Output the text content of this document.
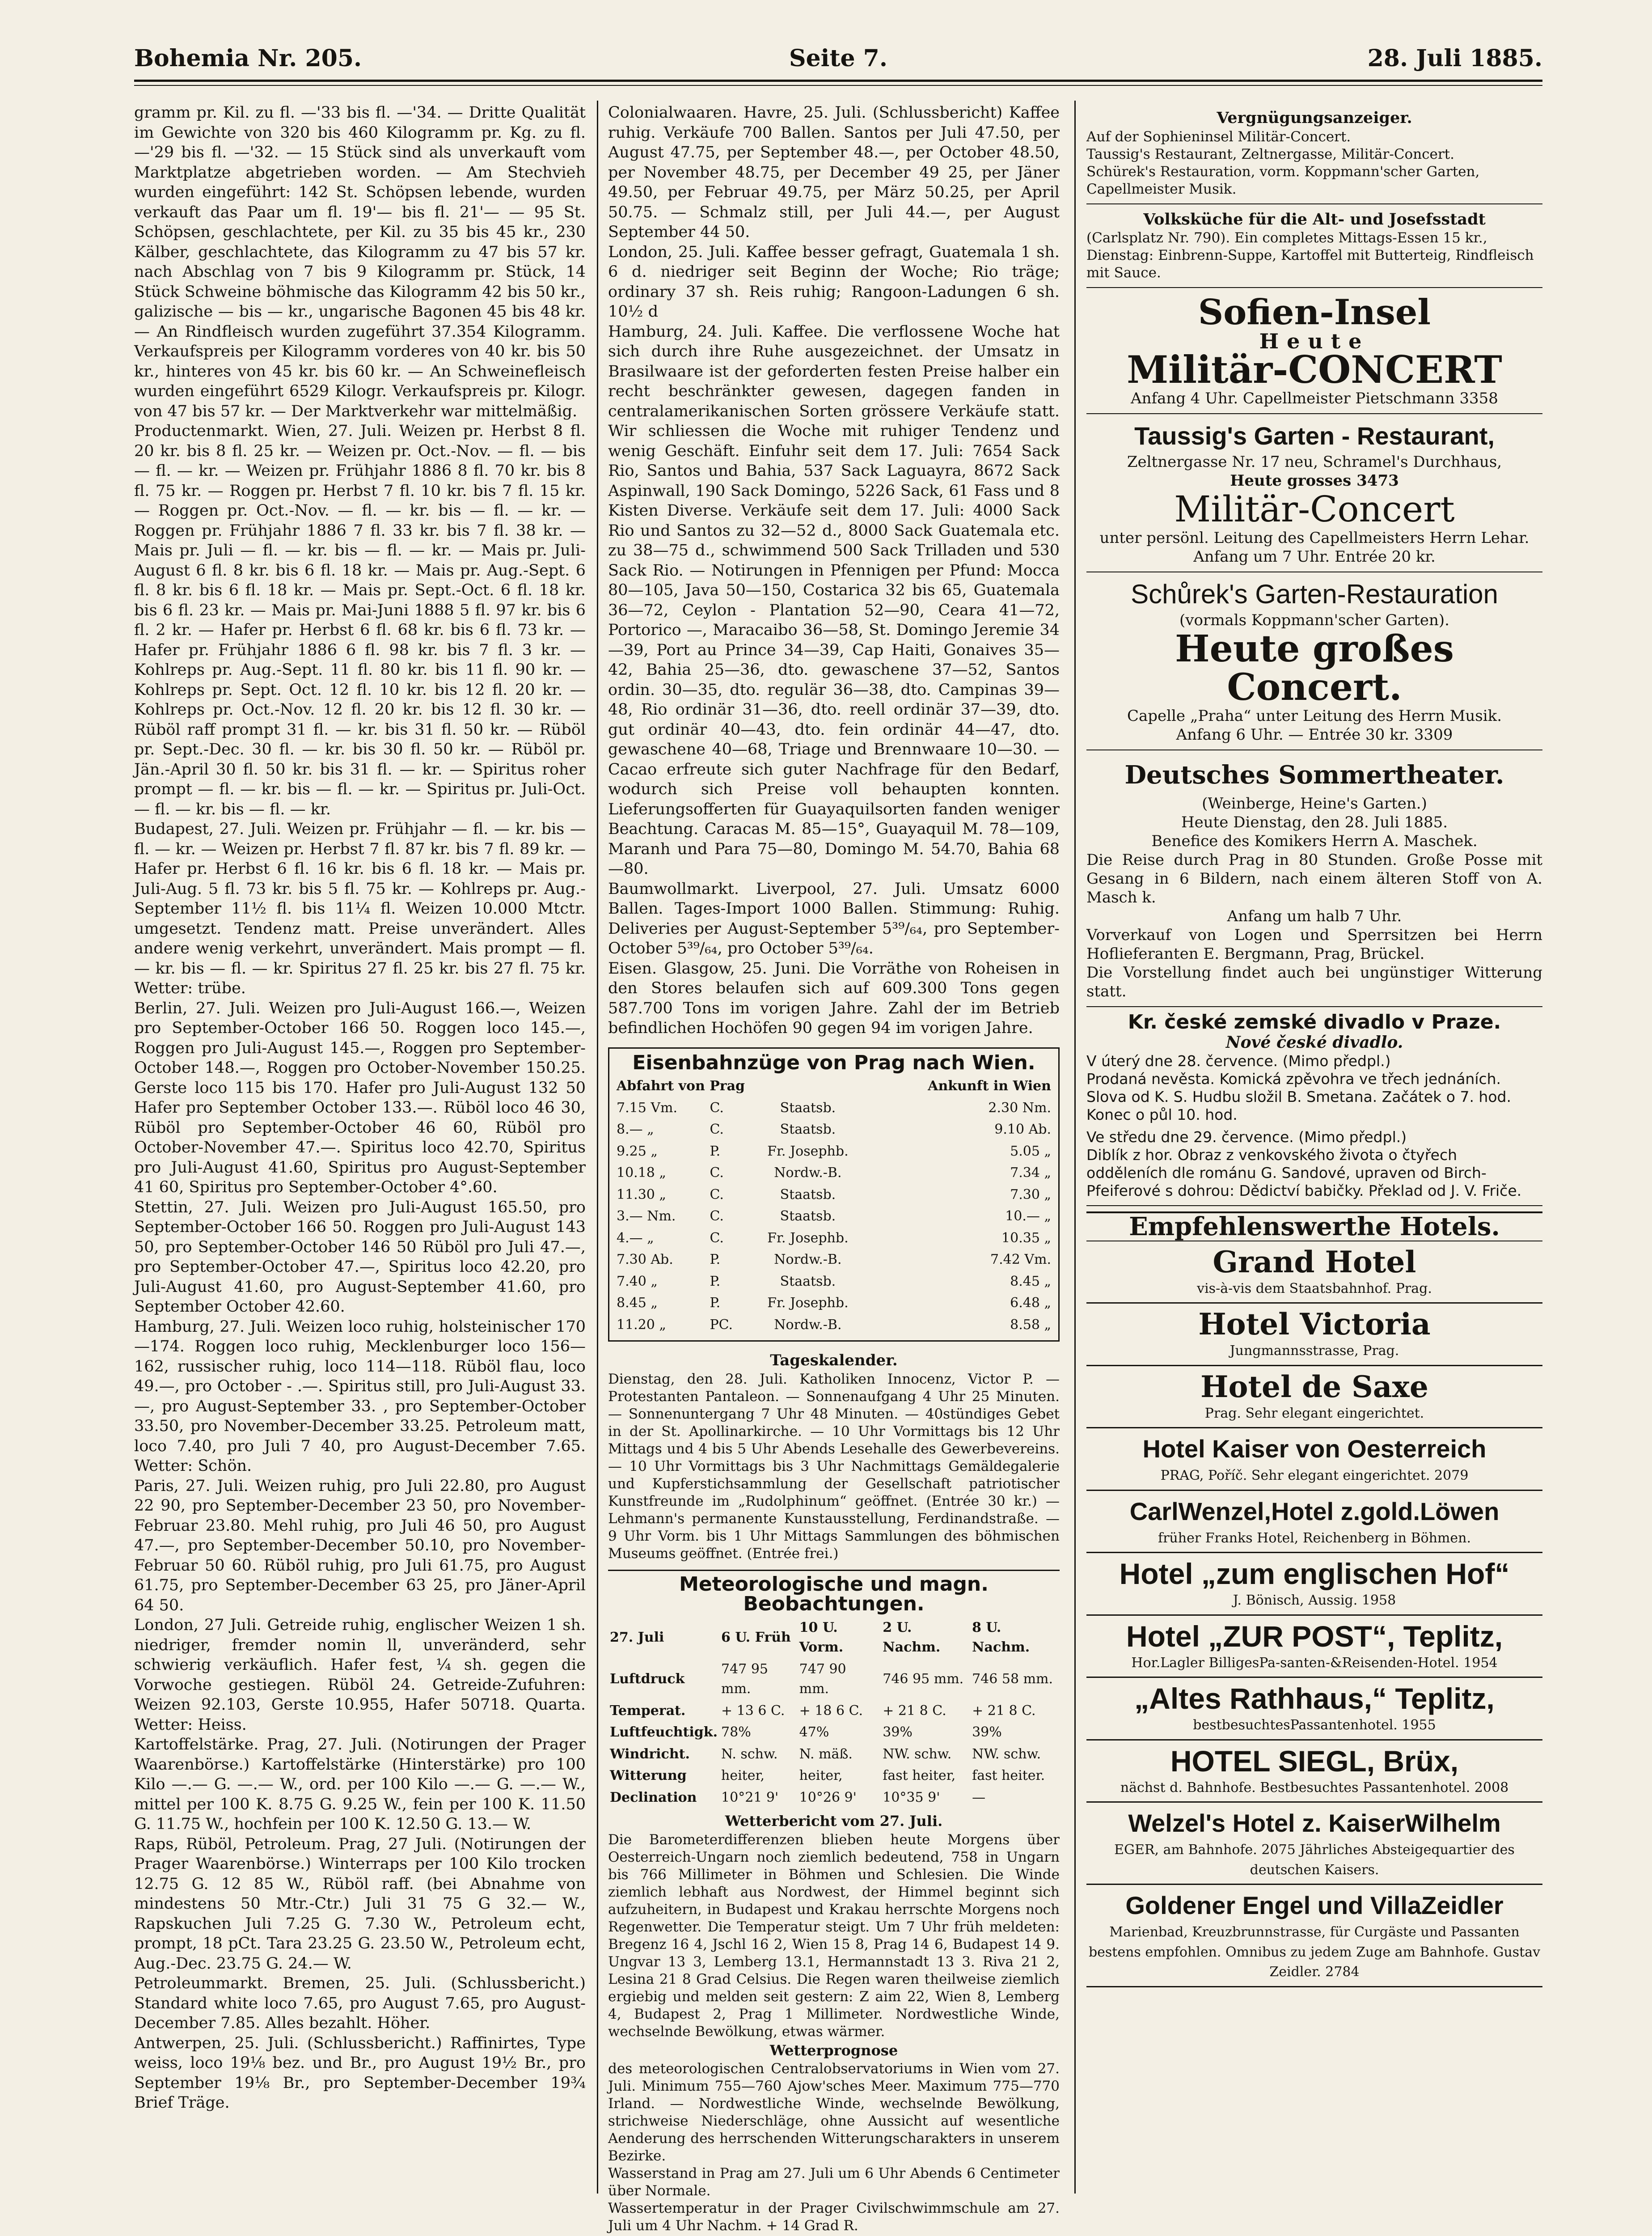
Bohemia Nr. 205.	Seite 7.	28. Juli 1885.

gramm pr. Kil. zu fl. —'33 bis fl. —'34. — Dritte Qualität im Gewichte von 320 bis 460 Kilogramm pr. Kg. zu fl. —'29 bis fl. —'32. — 15 Stück sind als unverkauft vom Marktplatze abgetrieben worden. — Am Stechvieh wurden eingeführt: 142 St. Schöpsen lebende, wurden verkauft das Paar um fl. 19'— bis fl. 21'— — 95 St. Schöpsen, geschlachtete, per Kil. zu 35 bis 45 kr., 230 Kälber, geschlachtete, das Kilogramm zu 47 bis 57 kr. nach Abschlag von 7 bis 9 Kilogramm pr. Stück, 14 Stück Schweine böhmische das Kilogramm 42 bis 50 kr., galizische — bis — kr., ungarische Bagonen 45 bis 48 kr. — An Rindfleisch wurden zugeführt 37.354 Kilogramm. Verkaufspreis per Kilogramm vorderes von 40 kr. bis 50 kr., hinteres von 45 kr. bis 60 kr. — An Schweinefleisch wurden eingeführt 6529 Kilogr. Verkaufspreis pr. Kilogr. von 47 bis 57 kr. — Der Marktverkehr war mittelmäßig.

Productenmarkt. Wien, 27. Juli. Weizen pr. Herbst 8 fl. 20 kr. bis 8 fl. 25 kr. — Weizen pr. Oct.-Nov. — fl. — bis — fl. — kr. — Weizen pr. Frühjahr 1886 8 fl. 70 kr. bis 8 fl. 75 kr. — Roggen pr. Herbst 7 fl. 10 kr. bis 7 fl. 15 kr. — Roggen pr. Oct.-Nov. — fl. — kr. bis — fl. — kr. — Roggen pr. Frühjahr 1886 7 fl. 33 kr. bis 7 fl. 38 kr. — Mais pr. Juli — fl. — kr. bis — fl. — kr. — Mais pr. Juli-August 6 fl. 8 kr. bis 6 fl. 18 kr. — Mais pr. Aug.-Sept. 6 fl. 8 kr. bis 6 fl. 18 kr. — Mais pr. Sept.-Oct. 6 fl. 18 kr. bis 6 fl. 23 kr. — Mais pr. Mai-Juni 1888 5 fl. 97 kr. bis 6 fl. 2 kr. — Hafer pr. Herbst 6 fl. 68 kr. bis 6 fl. 73 kr. — Hafer pr. Frühjahr 1886 6 fl. 98 kr. bis 7 fl. 3 kr. — Kohlreps pr. Aug.-Sept. 11 fl. 80 kr. bis 11 fl. 90 kr. — Kohlreps pr. Sept. Oct. 12 fl. 10 kr. bis 12 fl. 20 kr. — Kohlreps pr. Oct.-Nov. 12 fl. 20 kr. bis 12 fl. 30 kr. — Rüböl raff prompt 31 fl. — kr. bis 31 fl. 50 kr. — Rüböl pr. Sept.-Dec. 30 fl. — kr. bis 30 fl. 50 kr. — Rüböl pr. Jän.-April 30 fl. 50 kr. bis 31 fl. — kr. — Spiritus roher prompt — fl. — kr. bis — fl. — kr. — Spiritus pr. Juli-Oct. — fl. — kr. bis — fl. — kr.

Budapest, 27. Juli. Weizen pr. Frühjahr — fl. — kr. bis — fl. — kr. — Weizen pr. Herbst 7 fl. 87 kr. bis 7 fl. 89 kr. — Hafer pr. Herbst 6 fl. 16 kr. bis 6 fl. 18 kr. — Mais pr. Juli-Aug. 5 fl. 73 kr. bis 5 fl. 75 kr. — Kohlreps pr. Aug.-September 11½ fl. bis 11¼ fl. Weizen 10.000 Mtctr. umgesetzt. Tendenz matt. Preise unverändert. Alles andere wenig verkehrt, unverändert. Mais prompt — fl. — kr. bis — fl. — kr. Spiritus 27 fl. 25 kr. bis 27 fl. 75 kr. Wetter: trübe.

Berlin, 27. Juli. Weizen pro Juli-August 166.—, Weizen pro September-October 166 50. Roggen loco 145.—, Roggen pro Juli-August 145.—, Roggen pro September-October 148.—, Roggen pro October-November 150.25. Gerste loco 115 bis 170. Hafer pro Juli-August 132 50 Hafer pro September October 133.—. Rüböl loco 46 30, Rüböl pro September-October 46 60, Rüböl pro October-November 47.—. Spiritus loco 42.70, Spiritus pro Juli-August 41.60, Spiritus pro August-September 41 60, Spiritus pro September-October 4°.60.

Stettin, 27. Juli. Weizen pro Juli-August 165.50, pro September-October 166 50. Roggen pro Juli-August 143 50, pro September-October 146 50 Rüböl pro Juli 47.—, pro September-October 47.—, Spiritus loco 42.20, pro Juli-August 41.60, pro August-September 41.60, pro September October 42.60.

Hamburg, 27. Juli. Weizen loco ruhig, holsteinischer 170—174. Roggen loco ruhig, Mecklenburger loco 156—162, russischer ruhig, loco 114—118. Rüböl flau, loco 49.—, pro October - .—. Spiritus still, pro Juli-August 33.—, pro August-September 33. , pro September-October 33.50, pro November-December 33.25. Petroleum matt, loco 7.40, pro Juli 7 40, pro August-December 7.65. Wetter: Schön.

Paris, 27. Juli. Weizen ruhig, pro Juli 22.80, pro August 22 90, pro September-December 23 50, pro November-Februar 23.80. Mehl ruhig, pro Juli 46 50, pro August 47.—, pro September-December 50.10, pro November-Februar 50 60. Rüböl ruhig, pro Juli 61.75, pro August 61.75, pro September-December 63 25, pro Jäner-April 64 50.

London, 27 Juli. Getreide ruhig, englischer Weizen 1 sh. niedriger, fremder nomin ll, unveränderd, sehr schwierig verkäuflich. Hafer fest, ¼ sh. gegen die Vorwoche gestiegen. Rüböl 24. Getreide-Zufuhren: Weizen 92.103, Gerste 10.955, Hafer 50718. Quarta. Wetter: Heiss.

Kartoffelstärke. Prag, 27. Juli. (Notirungen der Prager Waarenbörse.) Kartoffelstärke (Hinterstärke) pro 100 Kilo —.— G. —.— W., ord. per 100 Kilo —.— G. —.— W., mittel per 100 K. 8.75 G. 9.25 W., fein per 100 K. 11.50 G. 11.75 W., hochfein per 100 K. 12.50 G. 13.— W.

Raps, Rüböl, Petroleum. Prag, 27 Juli. (Notirungen der Prager Waarenbörse.) Winterraps per 100 Kilo trocken 12.75 G. 12 85 W., Rüböl raff. (bei Abnahme von mindestens 50 Mtr.-Ctr.) Juli 31 75 G 32.— W., Rapskuchen Juli 7.25 G. 7.30 W., Petroleum echt, prompt, 18 pCt. Tara 23.25 G. 23.50 W., Petroleum echt, Aug.-Dec. 23.75 G. 24.— W.

Petroleummarkt. Bremen, 25. Juli. (Schlussbericht.) Standard white loco 7.65, pro August 7.65, pro August-December 7.85. Alles bezahlt. Höher.

Antwerpen, 25. Juli. (Schlussbericht.) Raffinirtes, Type weiss, loco 19⅛ bez. und Br., pro August 19½ Br., pro September 19⅛ Br., pro September-December 19¾ Brief Träge.

Colonialwaaren. Havre, 25. Juli. (Schlussbericht) Kaffee ruhig. Verkäufe 700 Ballen. Santos per Juli 47.50, per August 47.75, per September 48.—, per October 48.50, per November 48.75, per December 49 25, per Jäner 49.50, per Februar 49.75, per März 50.25, per April 50.75. — Schmalz still, per Juli 44.—, per August September 44 50.

London, 25. Juli. Kaffee besser gefragt, Guatemala 1 sh. 6 d. niedriger seit Beginn der Woche; Rio träge; ordinary 37 sh. Reis ruhig; Rangoon-Ladungen 6 sh. 10½ d

Hamburg, 24. Juli. Kaffee. Die verflossene Woche hat sich durch ihre Ruhe ausgezeichnet. der Umsatz in Brasilwaare ist der geforderten festen Preise halber ein recht beschränkter gewesen, dagegen fanden in centralamerikanischen Sorten grössere Verkäufe statt. Wir schliessen die Woche mit ruhiger Tendenz und wenig Geschäft. Einfuhr seit dem 17. Juli: 7654 Sack Rio, Santos und Bahia, 537 Sack Laguayra, 8672 Sack Aspinwall, 190 Sack Domingo, 5226 Sack, 61 Fass und 8 Kisten Diverse. Verkäufe seit dem 17. Juli: 4000 Sack Rio und Santos zu 32—52 d., 8000 Sack Guatemala etc. zu 38—75 d., schwimmend 500 Sack Trilladen und 530 Sack Rio. — Notirungen in Pfennigen per Pfund: Mocca 80—105, Java 50—150, Costarica 32 bis 65, Guatemala 36—72, Ceylon - Plantation 52—90, Ceara 41—72, Portorico —, Maracaibo 36—58, St. Domingo Jeremie 34—39, Port au Prince 34—39, Cap Haiti, Gonaives 35—42, Bahia 25—36, dto. gewaschene 37—52, Santos ordin. 30—35, dto. regulär 36—38, dto. Campinas 39—48, Rio ordinär 31—36, dto. reell ordinär 37—39, dto. gut ordinär 40—43, dto. fein ordinär 44—47, dto. gewaschene 40—68, Triage und Brennwaare 10—30. — Cacao erfreute sich guter Nachfrage für den Bedarf, wodurch sich Preise voll behaupten konnten. Lieferungsofferten für Guayaquilsorten fanden weniger Beachtung. Caracas M. 85—15°, Guayaquil M. 78—109, Maranh und Para 75—80, Domingo M. 54.70, Bahia 68—80.

Baumwollmarkt. Liverpool, 27. Juli. Umsatz 6000 Ballen. Tages-Import 1000 Ballen. Stimmung: Ruhig. Deliveries per August-September 5³⁹/₆₄, pro September-October 5³⁹/₆₄, pro October 5³⁹/₆₄.

Eisen. Glasgow, 25. Juni. Die Vorräthe von Roheisen in den Stores belaufen sich auf 609.300 Tons gegen 587.700 Tons im vorigen Jahre. Zahl der im Betrieb befindlichen Hochöfen 90 gegen 94 im vorigen Jahre.

Eisenbahnzüge von Prag nach Wien.
Abfahrt von Prag			Ankunft in Wien
7.15 Vm.	C.	Staatsb.	2.30 Nm.
8.— „	C.	Staatsb.	9.10 Ab.
9.25 „	P.	Fr. Josephb.	5.05 „
10.18 „	C.	Nordw.-B.	7.34 „
11.30 „	C.	Staatsb.	7.30 „
3.— Nm.	C.	Staatsb.	10.— „
4.— „	C.	Fr. Josephb.	10.35 „
7.30 Ab.	P.	Nordw.-B.	7.42 Vm.
7.40 „	P.	Staatsb.	8.45 „
8.45 „	P.	Fr. Josephb.	6.48 „
11.20 „	PC.	Nordw.-B.	8.58 „
Tageskalender.

Dienstag, den 28. Juli. Katholiken Innocenz, Victor P. — Protestanten Pantaleon. — Sonnenaufgang 4 Uhr 25 Minuten. — Sonnenuntergang 7 Uhr 48 Minuten. — 40stündiges Gebet in der St. Apollinarkirche. — 10 Uhr Vormittags bis 12 Uhr Mittags und 4 bis 5 Uhr Abends Lesehalle des Gewerbevereins. — 10 Uhr Vormittags bis 3 Uhr Nachmittags Gemäldegalerie und Kupferstichsammlung der Gesellschaft patriotischer Kunstfreunde im „Rudolphinum“ geöffnet. (Entrée 30 kr.) — Lehmann's permanente Kunstausstellung, Ferdinandstraße. — 9 Uhr Vorm. bis 1 Uhr Mittags Sammlungen des böhmischen Museums geöffnet. (Entrée frei.)

Meteorologische und magn. Beobachtungen.
27. Juli	6 U. Früh	10 U. Vorm.	2 U. Nachm.	8 U. Nachm.
Luftdruck	747 95 mm.	747 90 mm.	746 95 mm.	746 58 mm.
Temperat.	+ 13 6 C.	+ 18 6 C.	+ 21 8 C.	+ 21 8 C.
Luftfeuchtigk.	78%	47%	39%	39%
Windricht.	N. schw.	N. mäß.	NW. schw.	NW. schw.
Witterung	heiter,	heiter,	fast heiter,	fast heiter.
Declination	10°21 9'	10°26 9'	10°35 9'	—
Wetterbericht vom 27. Juli.

Die Barometerdifferenzen blieben heute Morgens über Oesterreich-Ungarn noch ziemlich bedeutend, 758 in Ungarn bis 766 Millimeter in Böhmen und Schlesien. Die Winde ziemlich lebhaft aus Nordwest, der Himmel beginnt sich aufzuheitern, in Budapest und Krakau herrschte Morgens noch Regenwetter. Die Temperatur steigt. Um 7 Uhr früh meldeten: Bregenz 16 4, Jschl 16 2, Wien 15 8, Prag 14 6, Budapest 14 9. Ungvar 13 3, Lemberg 13.1, Hermannstadt 13 3. Riva 21 2, Lesina 21 8 Grad Celsius. Die Regen waren theilweise ziemlich ergiebig und melden seit gestern: Z aim 22, Wien 8, Lemberg 4, Budapest 2, Prag 1 Millimeter. Nordwestliche Winde, wechselnde Bewölkung, etwas wärmer.

Wetterprognose

des meteorologischen Centralobservatoriums in Wien vom 27. Juli. Minimum 755—760 Ajow'sches Meer. Maximum 775—770 Irland. — Nordwestliche Winde, wechselnde Bewölkung, strichweise Niederschläge, ohne Aussicht auf wesentliche Aenderung des herrschenden Witterungscharakters in unserem Bezirke.

Wasserstand in Prag am 27. Juli um 6 Uhr Abends 6 Centimeter über Normale.

Wassertemperatur in der Prager Civilschwimmschule am 27. Juli um 4 Uhr Nachm. + 14 Grad R.

Vergnügungsanzeiger.
Auf der Sophieninsel Militär-Concert.
Taussig's Restaurant, Zeltnergasse, Militär-Concert.
Schürek's Restauration, vorm. Koppmann'scher Garten, Capellmeister Musik.
Volksküche für die Alt- und Josefsstadt
(Carlsplatz Nr. 790). Ein completes Mittags-Essen 15 kr., Dienstag: Einbrenn-Suppe, Kartoffel mit Butterteig, Rindfleisch mit Sauce.
Sofien-Insel
Heute
Militär-CONCERT
Anfang 4 Uhr. Capellmeister Pietschmann 3358
Taussig's Garten - Restaurant,
Zeltnergasse Nr. 17 neu, Schramel's Durchhaus,
Heute grosses 3473
Militär-Concert
unter persönl. Leitung des Capellmeisters Herrn Lehar.
Anfang um 7 Uhr. Entrée 20 kr.
Schůrek's Garten-Restauration
(vormals Koppmann'scher Garten).
Heute großes Concert.
Capelle „Praha“ unter Leitung des Herrn Musik.
Anfang 6 Uhr. — Entrée 30 kr. 3309
Deutsches Sommertheater.
(Weinberge, Heine's Garten.)
Heute Dienstag, den 28. Juli 1885.
Benefice des Komikers Herrn A. Maschek.
Die Reise durch Prag in 80 Stunden. Große Posse mit Gesang in 6 Bildern, nach einem älteren Stoff von A. Masch k.
Anfang um halb 7 Uhr.
Vorverkauf von Logen und Sperrsitzen bei Herrn Hoflieferanten E. Bergmann, Prag, Brückel.
Die Vorstellung findet auch bei ungünstiger Witterung statt.
Kr. české zemské divadlo v Praze.
Nové české divadlo.
V úterý dne 28. července. (Mimo předpl.)
Prodaná nevěsta. Komická zpěvohra ve třech jednáních. Slova od K. S. Hudbu složil B. Smetana. Začátek o 7. hod. Konec o půl 10. hod.
Ve středu dne 29. července. (Mimo předpl.)
Diblík z hor. Obraz z venkovského života o čtyřech odděleních dle románu G. Sandové, upraven od Birch-Pfeiferové s dohrou: Dědictví babičky. Překlad od J. V. Friče.
Empfehlenswerthe Hotels.
Grand Hotel
vis-à-vis dem Staatsbahnhof. Prag.
Hotel Victoria
Jungmannsstrasse, Prag.
Hotel de Saxe
Prag. Sehr elegant eingerichtet.
Hotel Kaiser von Oesterreich
PRAG, Poříč. Sehr elegant eingerichtet. 2079
CarlWenzel,Hotel z.gold.Löwen
früher Franks Hotel, Reichenberg in Böhmen.
Hotel „zum englischen Hof“
J. Bönisch, Aussig. 1958
Hotel „ZUR POST“, Teplitz,
Hor.Lagler BilligesPa-santen-&Reisenden-Hotel. 1954
„Altes Rathhaus,“ Teplitz,
bestbesuchtesPassantenhotel. 1955
HOTEL SIEGL, Brüx,
nächst d. Bahnhofe. Bestbesuchtes Passantenhotel. 2008
Welzel's Hotel z. KaiserWilhelm
EGER, am Bahnhofe. 2075 Jährliches Absteigequartier des deutschen Kaisers.
Goldener Engel und VillaZeidler
Marienbad, Kreuzbrunnstrasse, für Curgäste und Passanten bestens empfohlen. Omnibus zu jedem Zuge am Bahnhofe. Gustav Zeidler. 2784
